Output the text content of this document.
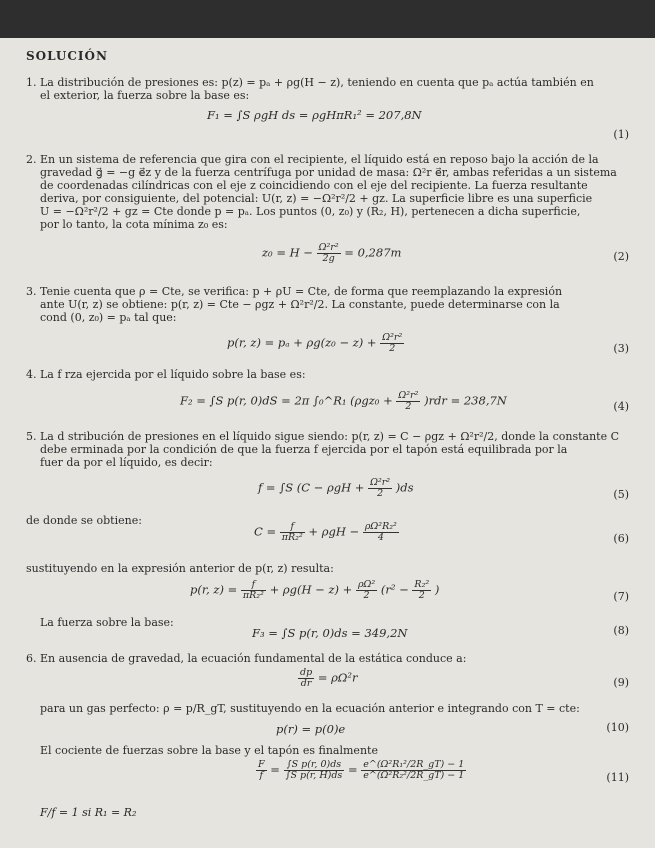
SOLUCIÓN
1. La distribución de presiones es: p(z) = pₐ + ρg(H − z), teniendo en cuenta que pₐ actúa también en
el exterior, la fuerza sobre la base es:
F₁ = ∫S ρgH ds = ρgHπR₁² = 207,8N
(1)
2. En un sistema de referencia que gira con el recipiente, el líquido está en reposo bajo la acción de la
gravedad g⃗ = −g e⃗z y de la fuerza centrífuga por unidad de masa: Ω²r e⃗r, ambas referidas a un sistema
de coordenadas cilíndricas con el eje z coincidiendo con el eje del recipiente. La fuerza resultante
deriva, por consiguiente, del potencial: U(r, z) = −Ω²r²/2 + gz. La superficie libre es una superficie
U = −Ω²r²/2 + gz = Cte donde p = pₐ. Los puntos (0, z₀) y (R₂, H), pertenecen a dicha superficie,
por lo tanto, la cota mínima z₀ es:
$z_0 = H - \frac{\text{Ω²r²}}{2g} = 0,287m$	(2)
3. Tenie cuenta que ρ = Cte, se verifica: p + ρU = Cte, de forma que reemplazando la expresión
ante U(r, z) se obtiene: p(r, z) = Cte − ρgz + Ω²r²/2. La constante, puede determinarse con la
cond (0, z₀) = pₐ tal que:
p(r, $z) = p_a + \rho g(z_0 - z) + \frac{\text{Ω²r²}}{2}$	(3)
4. La f rza ejercida por el líquido sobre la base es:
F₂ = ∫S p(r, 0)dS = 2π ∫₀^R₁ $(\rho gz_0 + \frac{\text{Ω²r²}}{2} )rdr = 238,7N$	(4)
5. La d stribución de presiones en el líquido sigue siendo: p(r, z) = C − ρgz + Ω²r²/2, donde la constante C
debe erminada por la condición de que la fuerza f ejercida por el tapón está equilibrada por la
fuer da por el líquido, es decir:
f = ∫S $(C - \rho gH + \frac{\text{Ω²r²}}{2} )ds$	(5)
de donde se obtiene:
$C = \frac{f}{\text{πR₂²}} + \rho gH - \frac{\text{ρΩ²R₂²}}{4}$	(6)
sustituyendo en la expresión anterior de p(r, z) resulta:
p(r, $z) = \frac{f}{\text{πR₂²}} + \rho g(H - z) + \frac{\text{ρΩ²}}{2} (r^2 - \frac{\text{R₂²}}{2}$ )	(7)
La fuerza sobre la base:
F₃ = ∫S p(r, 0)ds = 349,2N	(8)
6. En ausencia de gravedad, la ecuación fundamental de la estática conduce a:
$\frac{dp}{dr} = \rho\Omega^2r$	(9)
para un gas perfecto: ρ = p/R_gT, sustituyendo en la ecuación anterior e integrando con T = cte:
p(r) = p(0)e	(10)
El cociente de fuerzas sobre la base y el tapón es finalmente
$\frac{F}{f} = \frac{\text{∫S p(r, 0)ds}}{\text{∫S p(r, H)ds}} = \frac{\text{e\textasciicircum{}(Ω²R₁²/2R\_gT) − 1}}{\text{e\textasciicircum{}(Ω²R₂²/2R\_gT) − 1}}$	(11)
F/f = 1 si R₁ = R₂
